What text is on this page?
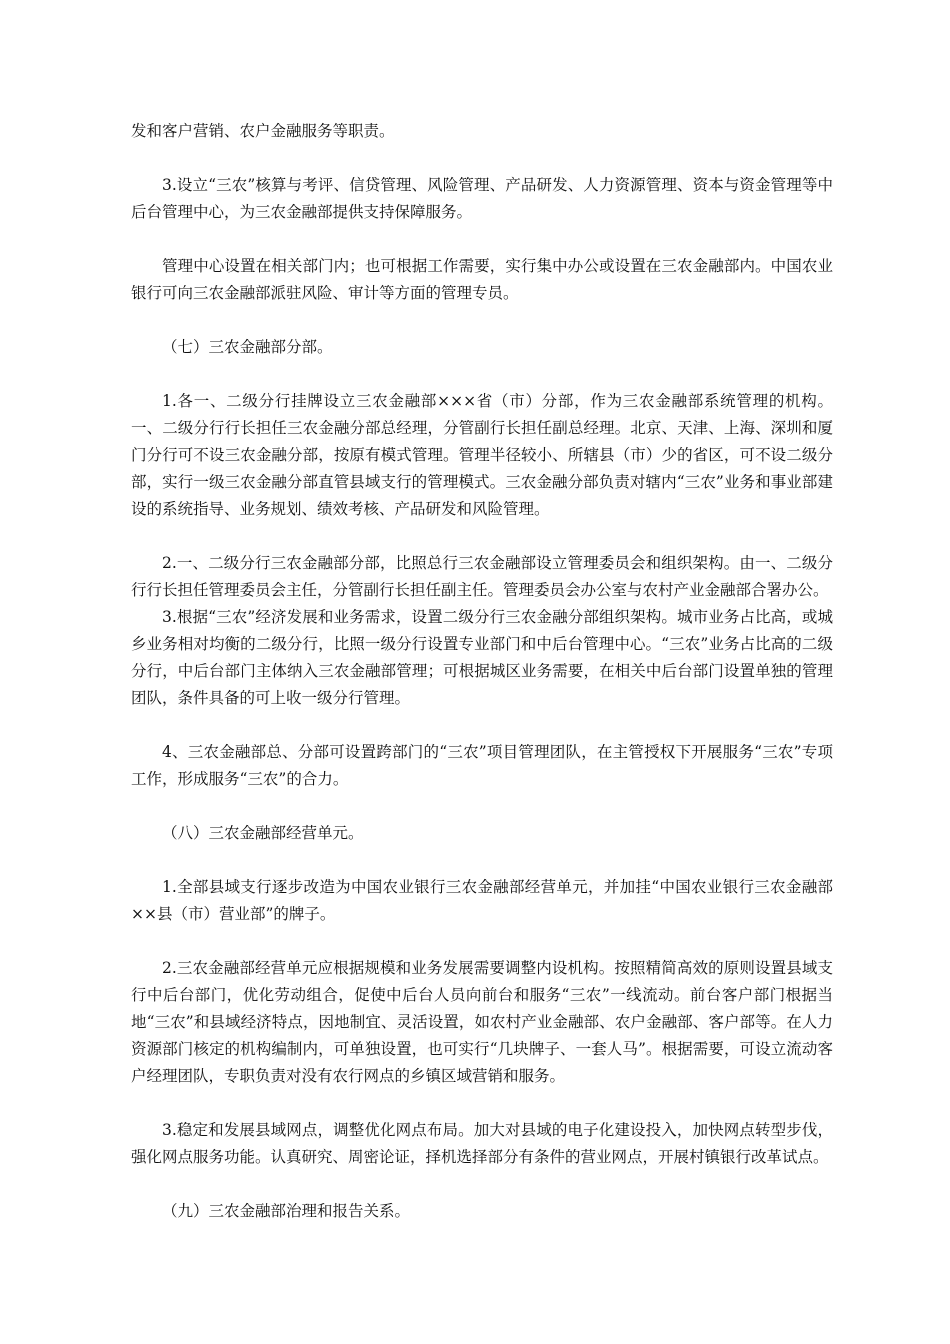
发和客户营销、农户金融服务等职责。

3.设立“三农”核算与考评、信贷管理、风险管理、产品研发、人力资源管理、资本与资金管理等中后台管理中心，为三农金融部提供支持保障服务。

管理中心设置在相关部门内；也可根据工作需要，实行集中办公或设置在三农金融部内。中国农业银行可向三农金融部派驻风险、审计等方面的管理专员。

（七）三农金融部分部。

1.各一、二级分行挂牌设立三农金融部×××省（市）分部，作为三农金融部系统管理的机构。一、二级分行行长担任三农金融分部总经理，分管副行长担任副总经理。北京、天津、上海、深圳和厦门分行可不设三农金融分部，按原有模式管理。管理半径较小、所辖县（市）少的省区，可不设二级分部，实行一级三农金融分部直管县域支行的管理模式。三农金融分部负责对辖内“三农”业务和事业部建设的系统指导、业务规划、绩效考核、产品研发和风险管理。

2.一、二级分行三农金融部分部，比照总行三农金融部设立管理委员会和组织架构。由一、二级分行行长担任管理委员会主任，分管副行长担任副主任。管理委员会办公室与农村产业金融部合署办公。

3.根据“三农”经济发展和业务需求，设置二级分行三农金融分部组织架构。城市业务占比高，或城乡业务相对均衡的二级分行，比照一级分行设置专业部门和中后台管理中心。“三农”业务占比高的二级分行，中后台部门主体纳入三农金融部管理；可根据城区业务需要，在相关中后台部门设置单独的管理团队，条件具备的可上收一级分行管理。

4、三农金融部总、分部可设置跨部门的“三农”项目管理团队，在主管授权下开展服务“三农”专项工作，形成服务“三农”的合力。

（八）三农金融部经营单元。

1.全部县域支行逐步改造为中国农业银行三农金融部经营单元，并加挂“中国农业银行三农金融部××县（市）营业部”的牌子。

2.三农金融部经营单元应根据规模和业务发展需要调整内设机构。按照精简高效的原则设置县域支行中后台部门，优化劳动组合，促使中后台人员向前台和服务“三农”一线流动。前台客户部门根据当地“三农”和县域经济特点，因地制宜、灵活设置，如农村产业金融部、农户金融部、客户部等。在人力资源部门核定的机构编制内，可单独设置，也可实行“几块牌子、一套人马”。根据需要，可设立流动客户经理团队，专职负责对没有农行网点的乡镇区域营销和服务。

3.稳定和发展县域网点，调整优化网点布局。加大对县域的电子化建设投入，加快网点转型步伐，强化网点服务功能。认真研究、周密论证，择机选择部分有条件的营业网点，开展村镇银行改革试点。

（九）三农金融部治理和报告关系。
